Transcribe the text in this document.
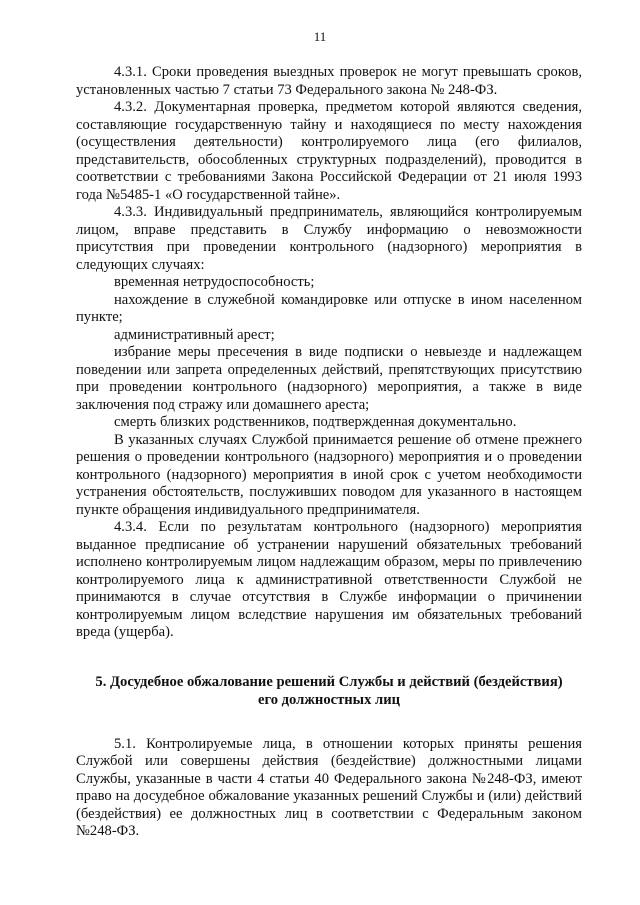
11

4.3.1. Сроки проведения выездных проверок не могут превышать сроков, установленных частью 7 статьи 73 Федерального закона № 248-ФЗ.

4.3.2. Документарная проверка, предметом которой являются сведения, составляющие государственную тайну и находящиеся по месту нахождения (осуществления деятельности) контролируемого лица (его филиалов, представительств, обособленных структурных подразделений), проводится в соответствии с требованиями Закона Российской Федерации от 21 июля 1993 года №5485-1 «О государственной тайне».

4.3.3. Индивидуальный предприниматель, являющийся контролируемым лицом, вправе представить в Службу информацию о невозможности присутствия при проведении контрольного (надзорного) мероприятия в следующих случаях:

временная нетрудоспособность;

нахождение в служебной командировке или отпуске в ином населенном пункте;

административный арест;

избрание меры пресечения в виде подписки о невыезде и надлежащем поведении или запрета определенных действий, препятствующих присутствию при проведении контрольного (надзорного) мероприятия, а также в виде заключения под стражу или домашнего ареста;

смерть близких родственников, подтвержденная документально.

В указанных случаях Службой принимается решение об отмене прежнего решения о проведении контрольного (надзорного) мероприятия и о проведении контрольного (надзорного) мероприятия в иной срок с учетом необходимости устранения обстоятельств, послуживших поводом для указанного в настоящем пункте обращения индивидуального предпринимателя.

4.3.4. Если по результатам контрольного (надзорного) мероприятия выданное предписание об устранении нарушений обязательных требований исполнено контролируемым лицом надлежащим образом, меры по привлечению контролируемого лица к административной ответственности Службой не принимаются в случае отсутствия в Службе информации о причинении контролируемым лицом вследствие нарушения им обязательных требований вреда (ущерба).

5. Досудебное обжалование решений Службы и действий (бездействия)
его должностных лиц

5.1. Контролируемые лица, в отношении которых приняты решения Службой или совершены действия (бездействие) должностными лицами Службы, указанные в части 4 статьи 40 Федерального закона №248-ФЗ, имеют право на досудебное обжалование указанных решений Службы и (или) действий (бездействия) ее должностных лиц в соответствии с Федеральным законом №248-ФЗ.
